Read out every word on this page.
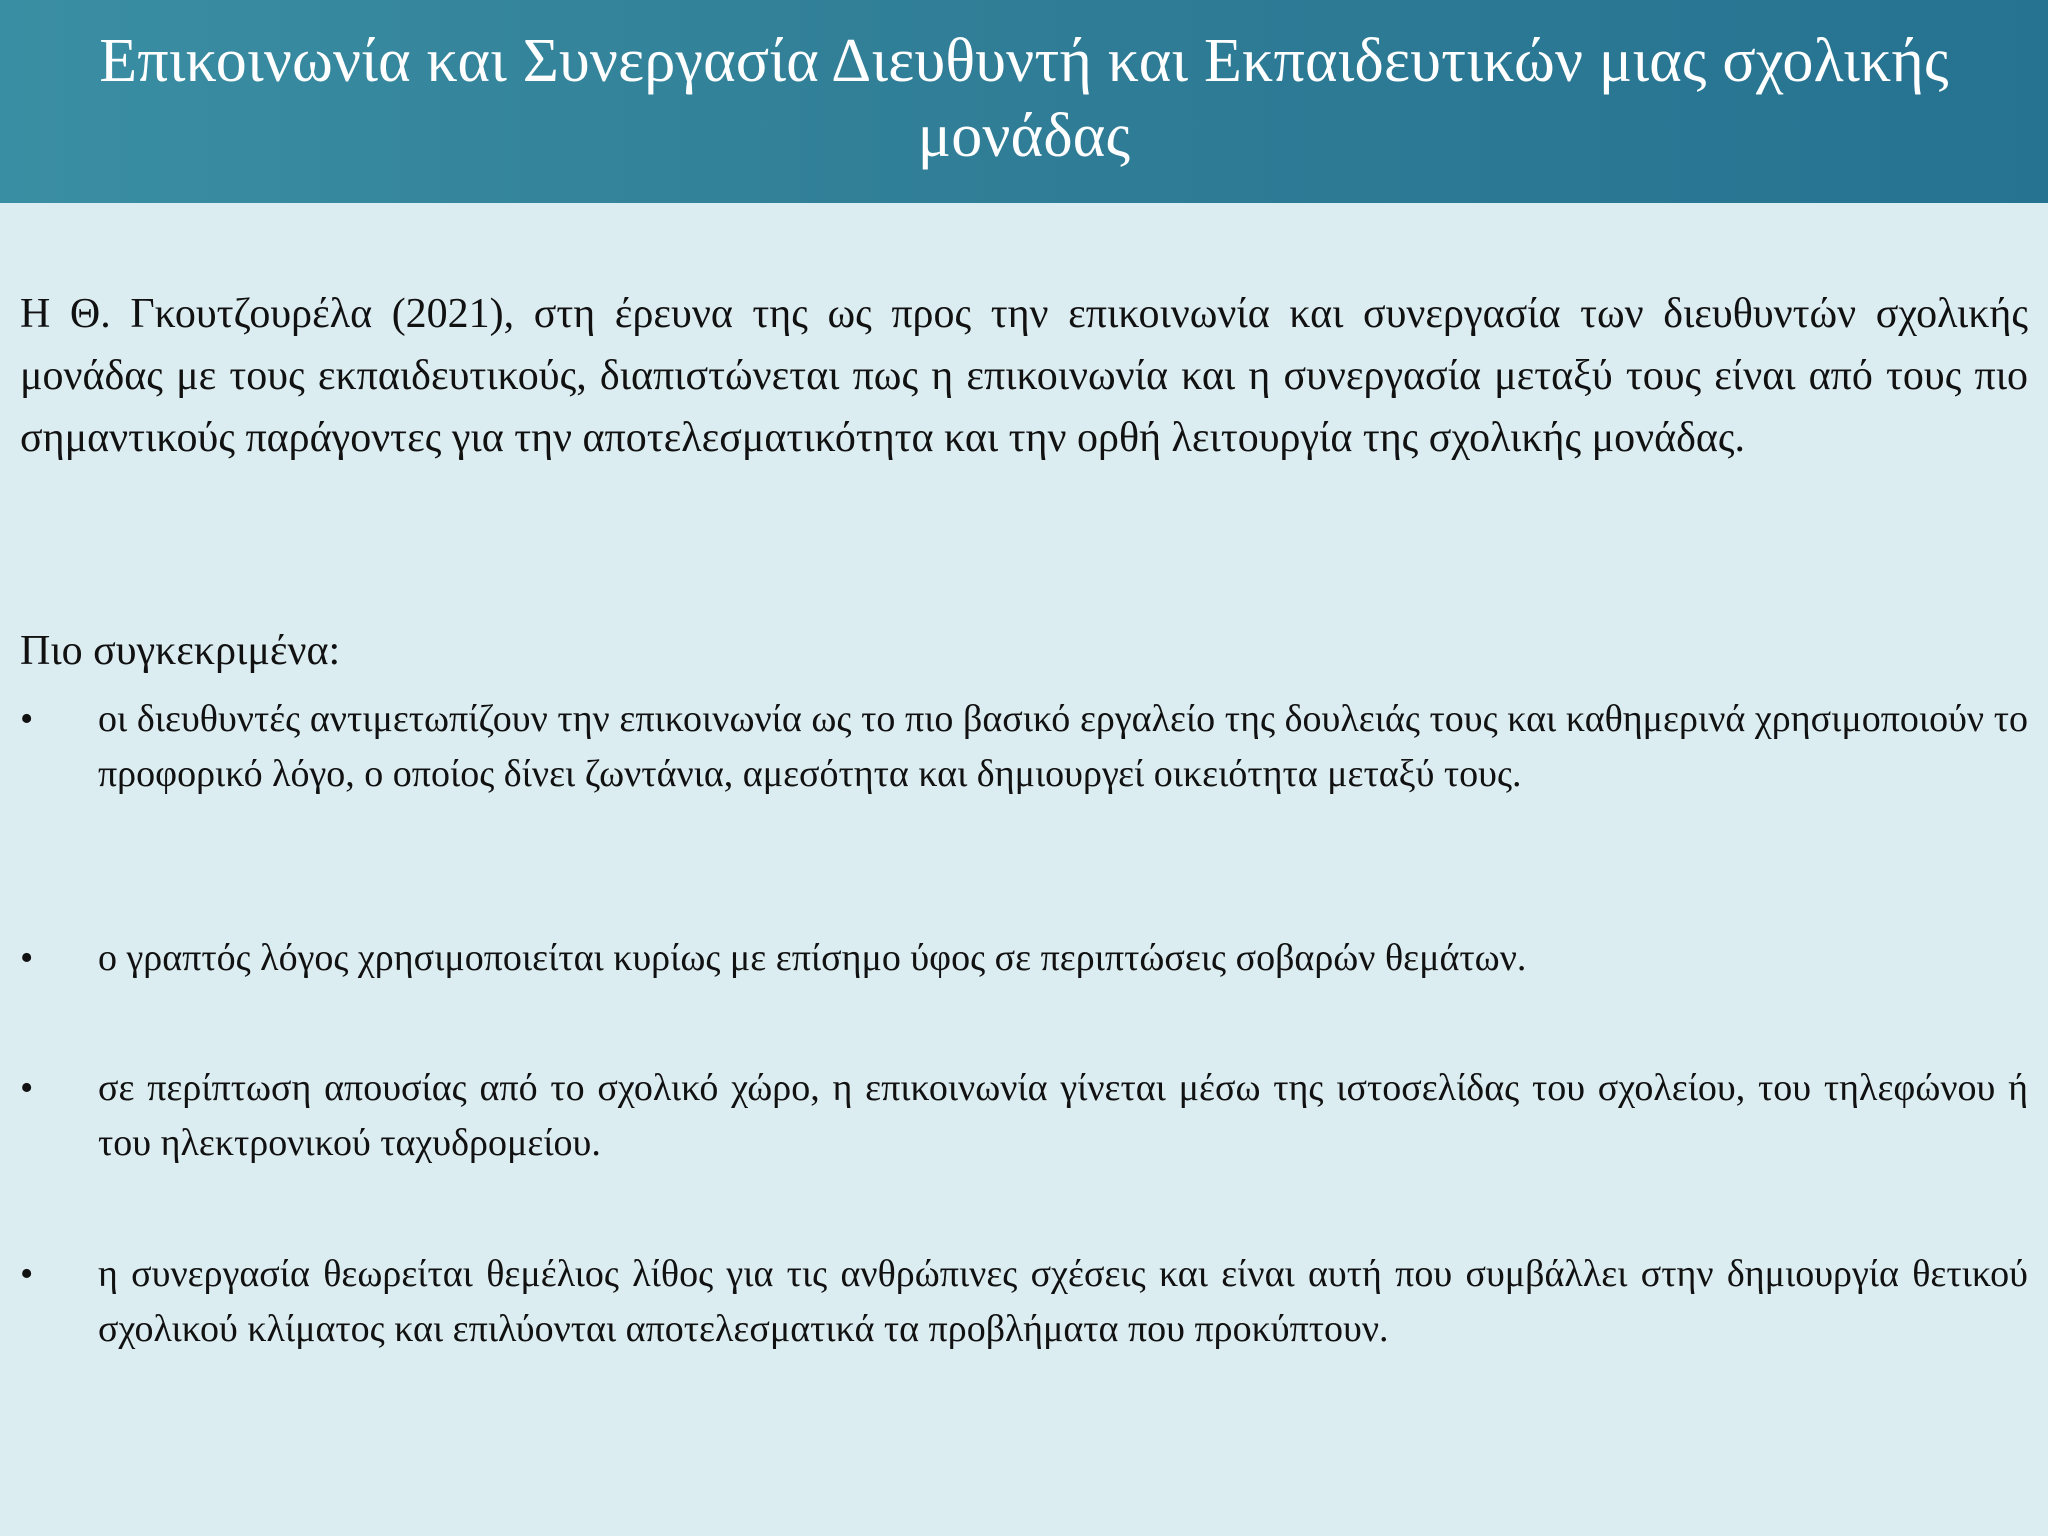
Επικοινωνία και Συνεργασία Διευθυντή και Εκπαιδευτικών μιας σχολικής μονάδας

Η Θ. Γκουτζουρέλα (2021), στη έρευνα της ως προς την επικοινωνία και συνεργασία των διευθυντών σχολικής μονάδας με τους εκπαιδευτικούς, διαπιστώνεται πως η επικοινωνία και η συνεργασία μεταξύ τους είναι από τους πιο σημαντικούς παράγοντες για την αποτελεσματικότητα και την ορθή λειτουργία της σχολικής μονάδας.

Πιο συγκεκριμένα:

•	οι διευθυντές αντιμετωπίζουν την επικοινωνία ως το πιο βασικό εργαλείο της δουλειάς τους και καθημερινά χρησιμοποιούν το προφορικό λόγο, ο οποίος δίνει ζωντάνια, αμεσότητα και δημιουργεί οικειότητα μεταξύ τους.
•	ο γραπτός λόγος χρησιμοποιείται κυρίως με επίσημο ύφος σε περιπτώσεις σοβαρών θεμάτων.
•	σε περίπτωση απουσίας από το σχολικό χώρο, η επικοινωνία γίνεται μέσω της ιστοσελίδας του σχολείου, του τηλεφώνου ή του ηλεκτρονικού ταχυδρομείου.
•	η συνεργασία θεωρείται θεμέλιος λίθος για τις ανθρώπινες σχέσεις και είναι αυτή που συμβάλλει στην δημιουργία θετικού σχολικού κλίματος και επιλύονται αποτελεσματικά τα προβλήματα που προκύπτουν.
